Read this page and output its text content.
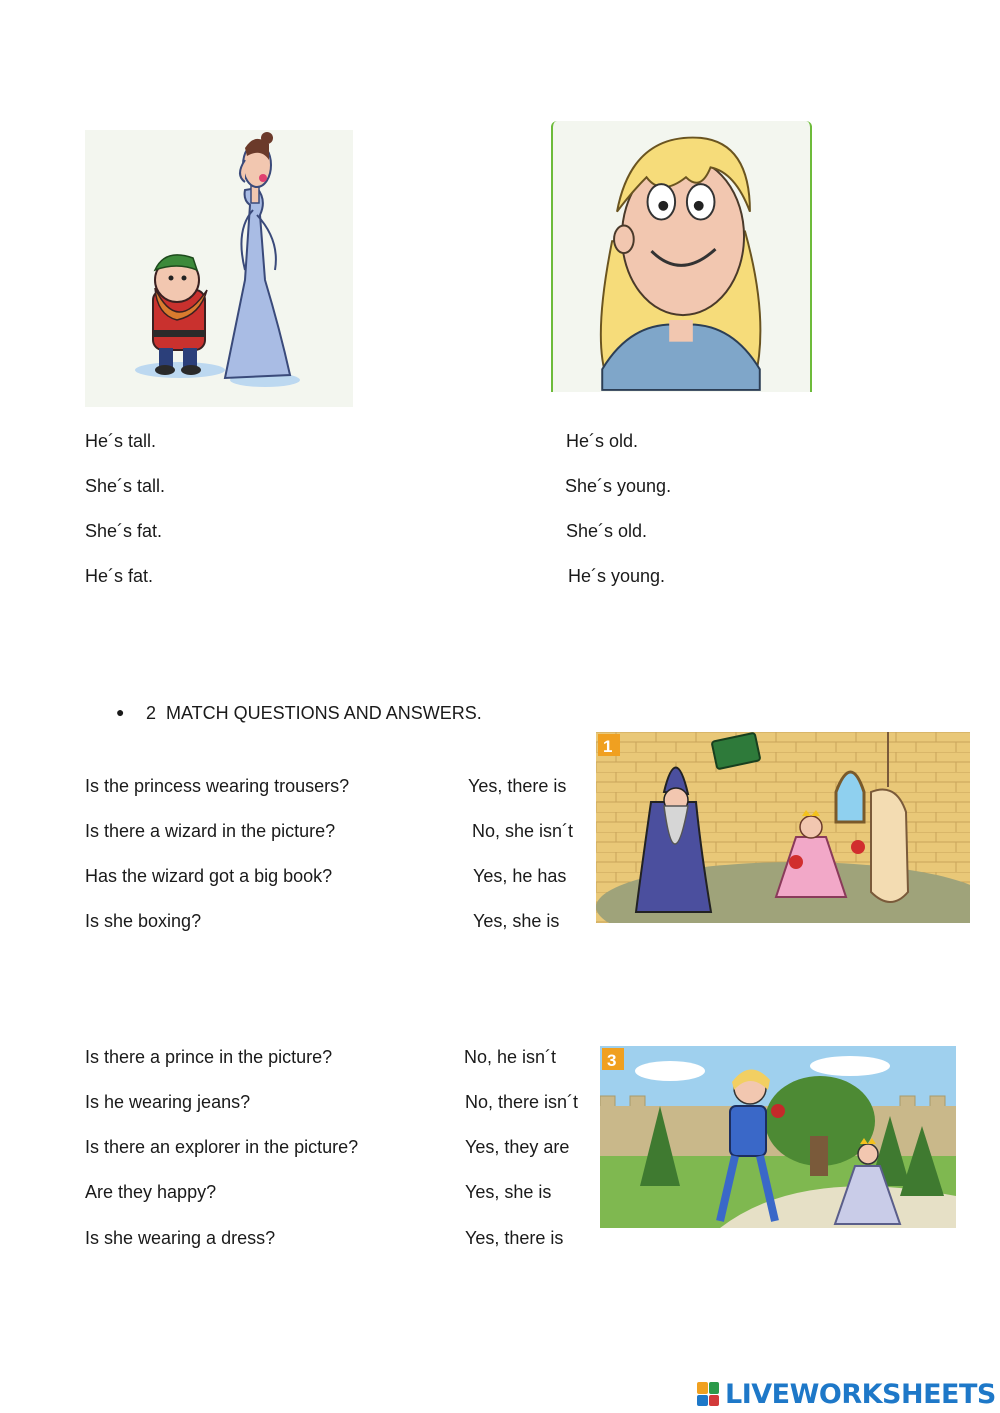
He´s tall.
She´s tall.
She´s fat.
He´s fat.
He´s old.
She´s young.
She´s old.
He´s young.
● 2  MATCH QUESTIONS AND ANSWERS.
Is the princess wearing trousers?
Is there a wizard in the picture?
Has the wizard got a big book?
Is she boxing?
Yes, there is
No, she isn´t
Yes, he has
Yes, she is
1
Is there a prince in the picture?
Is he wearing jeans?
Is there an explorer in the picture?
Are they happy?
Is she wearing a dress?
No, he isn´t
No, there isn´t
Yes, they are
Yes, she is
Yes, there is
3
LIVEWORKSHEETS
